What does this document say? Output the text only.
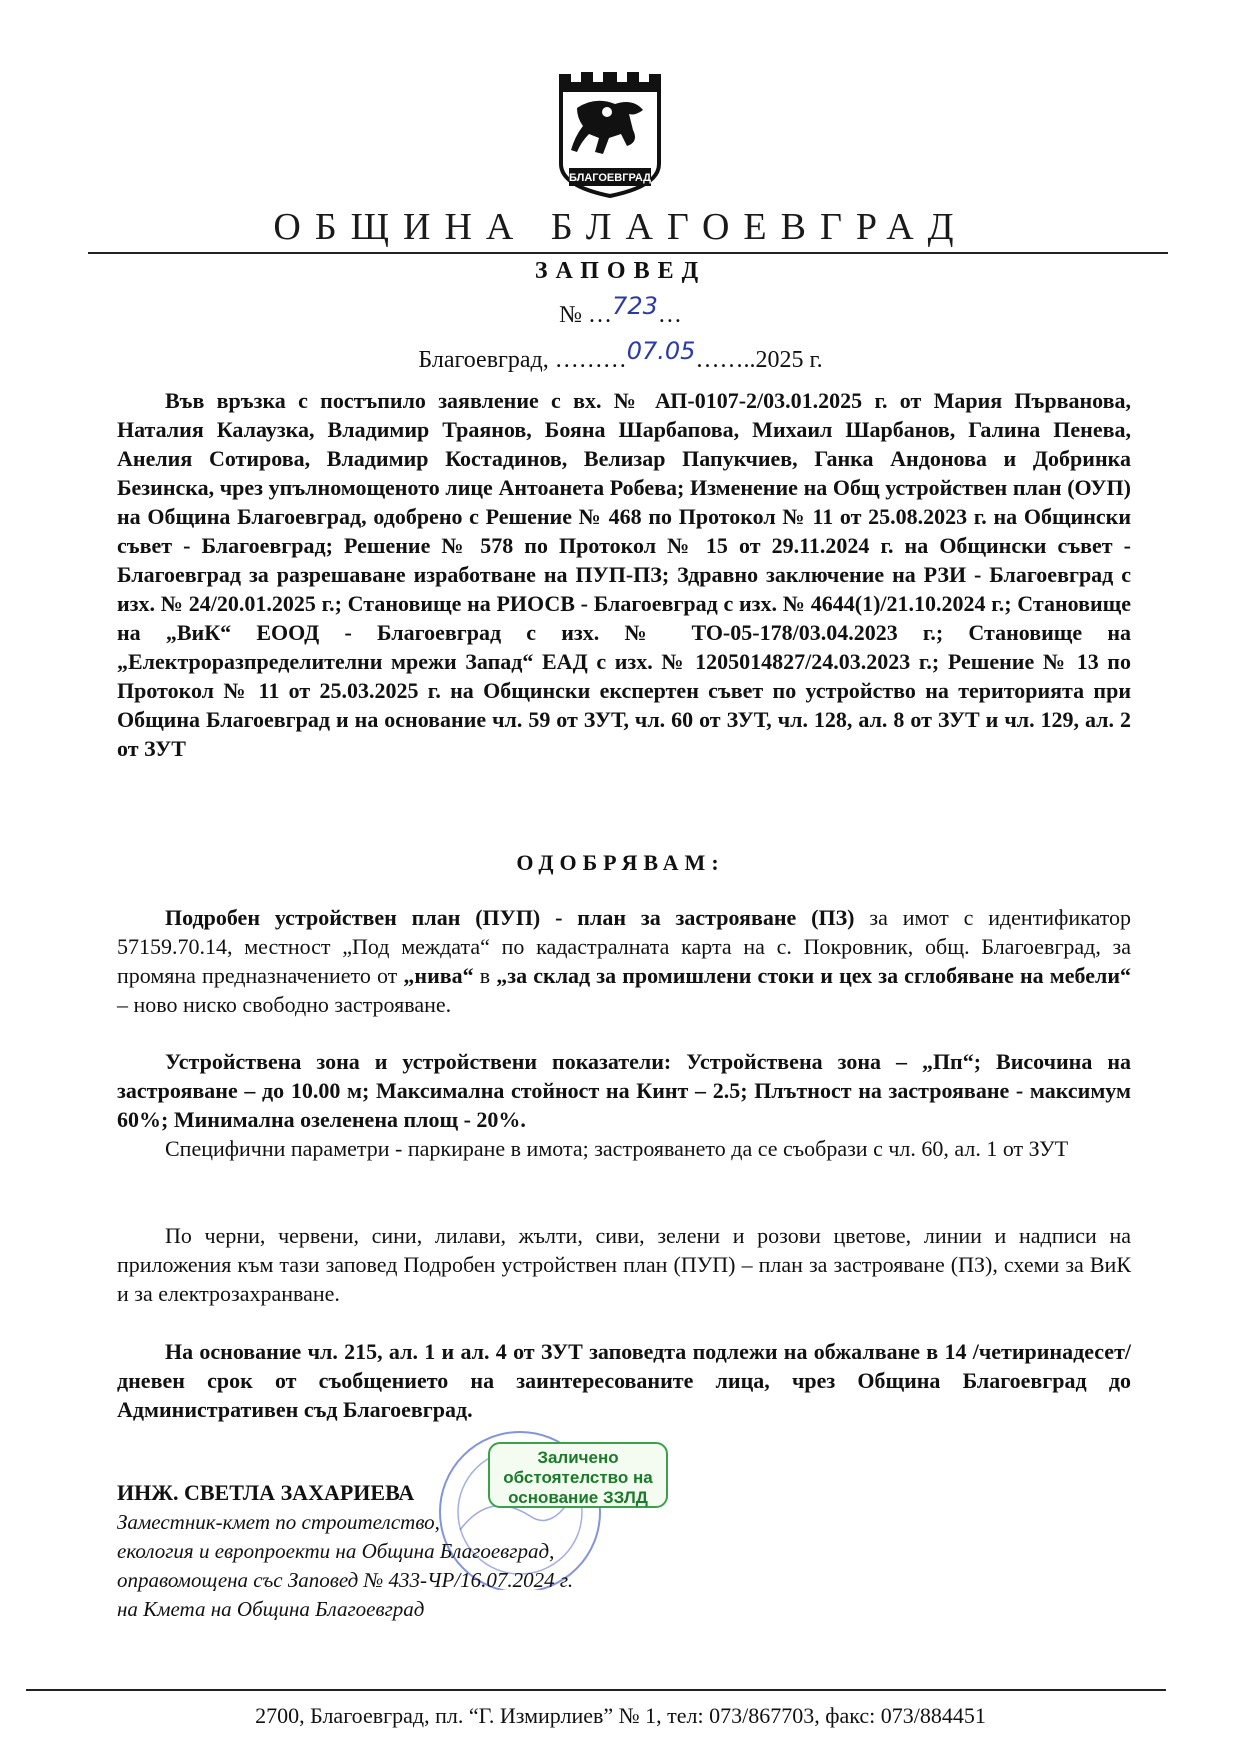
БЛАГОЕВГРАД
ОБЩИНА БЛАГОЕВГРАД
ЗАПОВЕД
№ …723…
Благоевград, ………07.05……..2025 г.

Във връзка с постъпило заявление с вх. № АП-0107-2/03.01.2025 г. от Мария Първанова, Наталия Калаузка, Владимир Траянов, Бояна Шарбапова, Михаил Шарбанов, Галина Пенева, Анелия Сотирова, Владимир Костадинов, Велизар Папукчиев, Ганка Андонова и Добринка Безинска, чрез упълномощеното лице Антоанета Робева; Изменение на Общ устройствен план (ОУП) на Община Благоевград, одобрено с Решение № 468 по Протокол № 11 от 25.08.2023 г. на Общински съвет - Благоевград; Решение № 578 по Протокол № 15 от 29.11.2024 г. на Общински съвет - Благоевград за разрешаване изработване на ПУП-ПЗ; Здравно заключение на РЗИ - Благоевград с изх. № 24/20.01.2025 г.; Становище на РИОСВ - Благоевград с изх. № 4644(1)/21.10.2024 г.; Становище на „ВиК“ ЕООД - Благоевград с изх. № ТО-05-178/03.04.2023 г.; Становище на „Електроразпределителни мрежи Запад“ ЕАД с изх. № 1205014827/24.03.2023 г.; Решение № 13 по Протокол № 11 от 25.03.2025 г. на Общински експертен съвет по устройство на територията при Община Благоевград и на основание чл. 59 от ЗУТ, чл. 60 от ЗУТ, чл. 128, ал. 8 от ЗУТ и чл. 129, ал. 2 от ЗУТ

ОДОБРЯВАМ:

Подробен устройствен план (ПУП) - план за застрояване (ПЗ) за имот с идентификатор 57159.70.14, местност „Под междата“ по кадастралната карта на с. Покровник, общ. Благоевград, за промяна предназначението от „нива“ в „за склад за промишлени стоки и цех за сглобяване на мебели“ – ново ниско свободно застрояване.

Устройствена зона и устройствени показатели: Устройствена зона – „Пп“; Височина на застрояване – до 10.00 м; Максимална стойност на Кинт – 2.5; Плътност на застрояване - максимум 60%; Минимална озеленена площ - 20%.

Специфични параметри - паркиране в имота; застрояването да се съобрази с чл. 60, ал. 1 от ЗУТ

По черни, червени, сини, лилави, жълти, сиви, зелени и розови цветове, линии и надписи на приложения към тази заповед Подробен устройствен план (ПУП) – план за застрояване (ПЗ), схеми за ВиК и за електрозахранване.

На основание чл. 215, ал. 1 и ал. 4 от ЗУТ заповедта подлежи на обжалване в 14 /четиринадесет/ дневен срок от съобщението на заинтересованите лица, чрез Община Благоевград до Административен съд Благоевград.

ИНЖ. СВЕТЛА ЗАХАРИЕВА
Заместник-кмет по строителство,
екология и европроекти на Община Благоевград,
оправомощена със Заповед № 433-ЧР/16.07.2024 г.
на Кмета на Община Благоевград
Заличено
обстоятелство на
основание ЗЗЛД
2700, Благоевград, пл. “Г. Измирлиев” № 1, тел: 073/867703, факс: 073/884451
